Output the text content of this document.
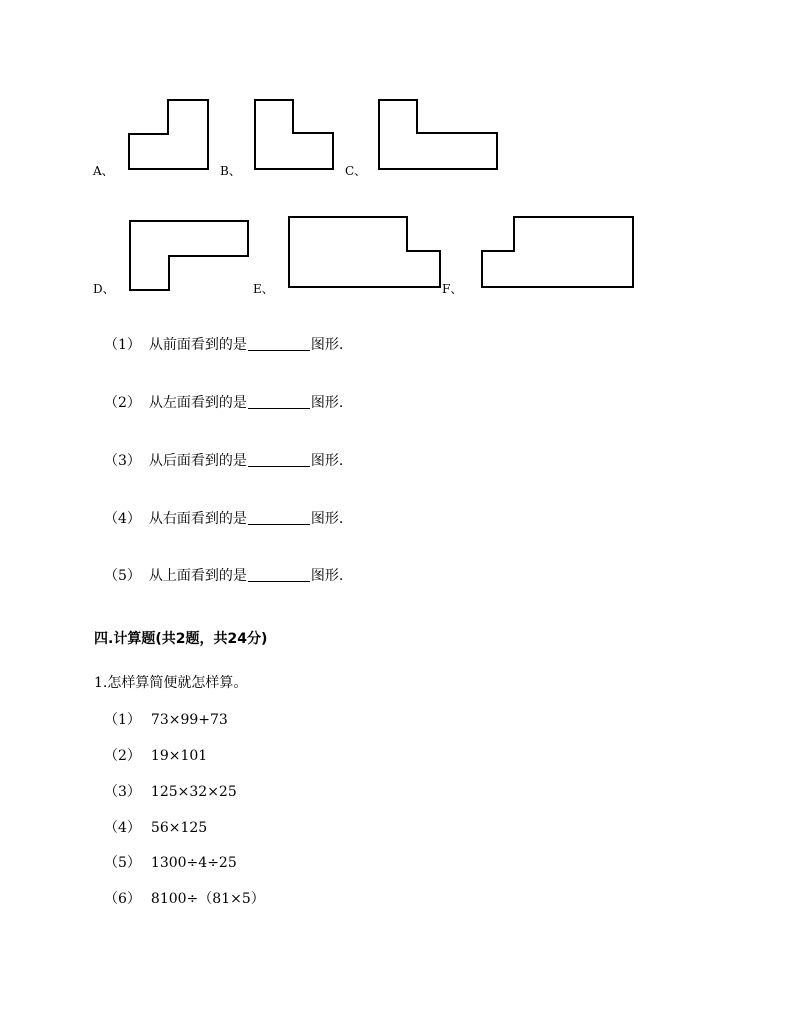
A、	B、	C、
D、	E、	F、
（1） 从前面看到的是	图形.
（2） 从左面看到的是	图形.
（3） 从后面看到的是	图形.
（4） 从右面看到的是	图形.
（5） 从上面看到的是	图形.
四.计算题(共2题，共24分)
1.怎样算简便就怎样算。
（1） 73×99+73
（2） 19×101
（3） 125×32×25
（4） 56×125
（5） 1300÷4÷25
（6） 8100÷（81×5）
